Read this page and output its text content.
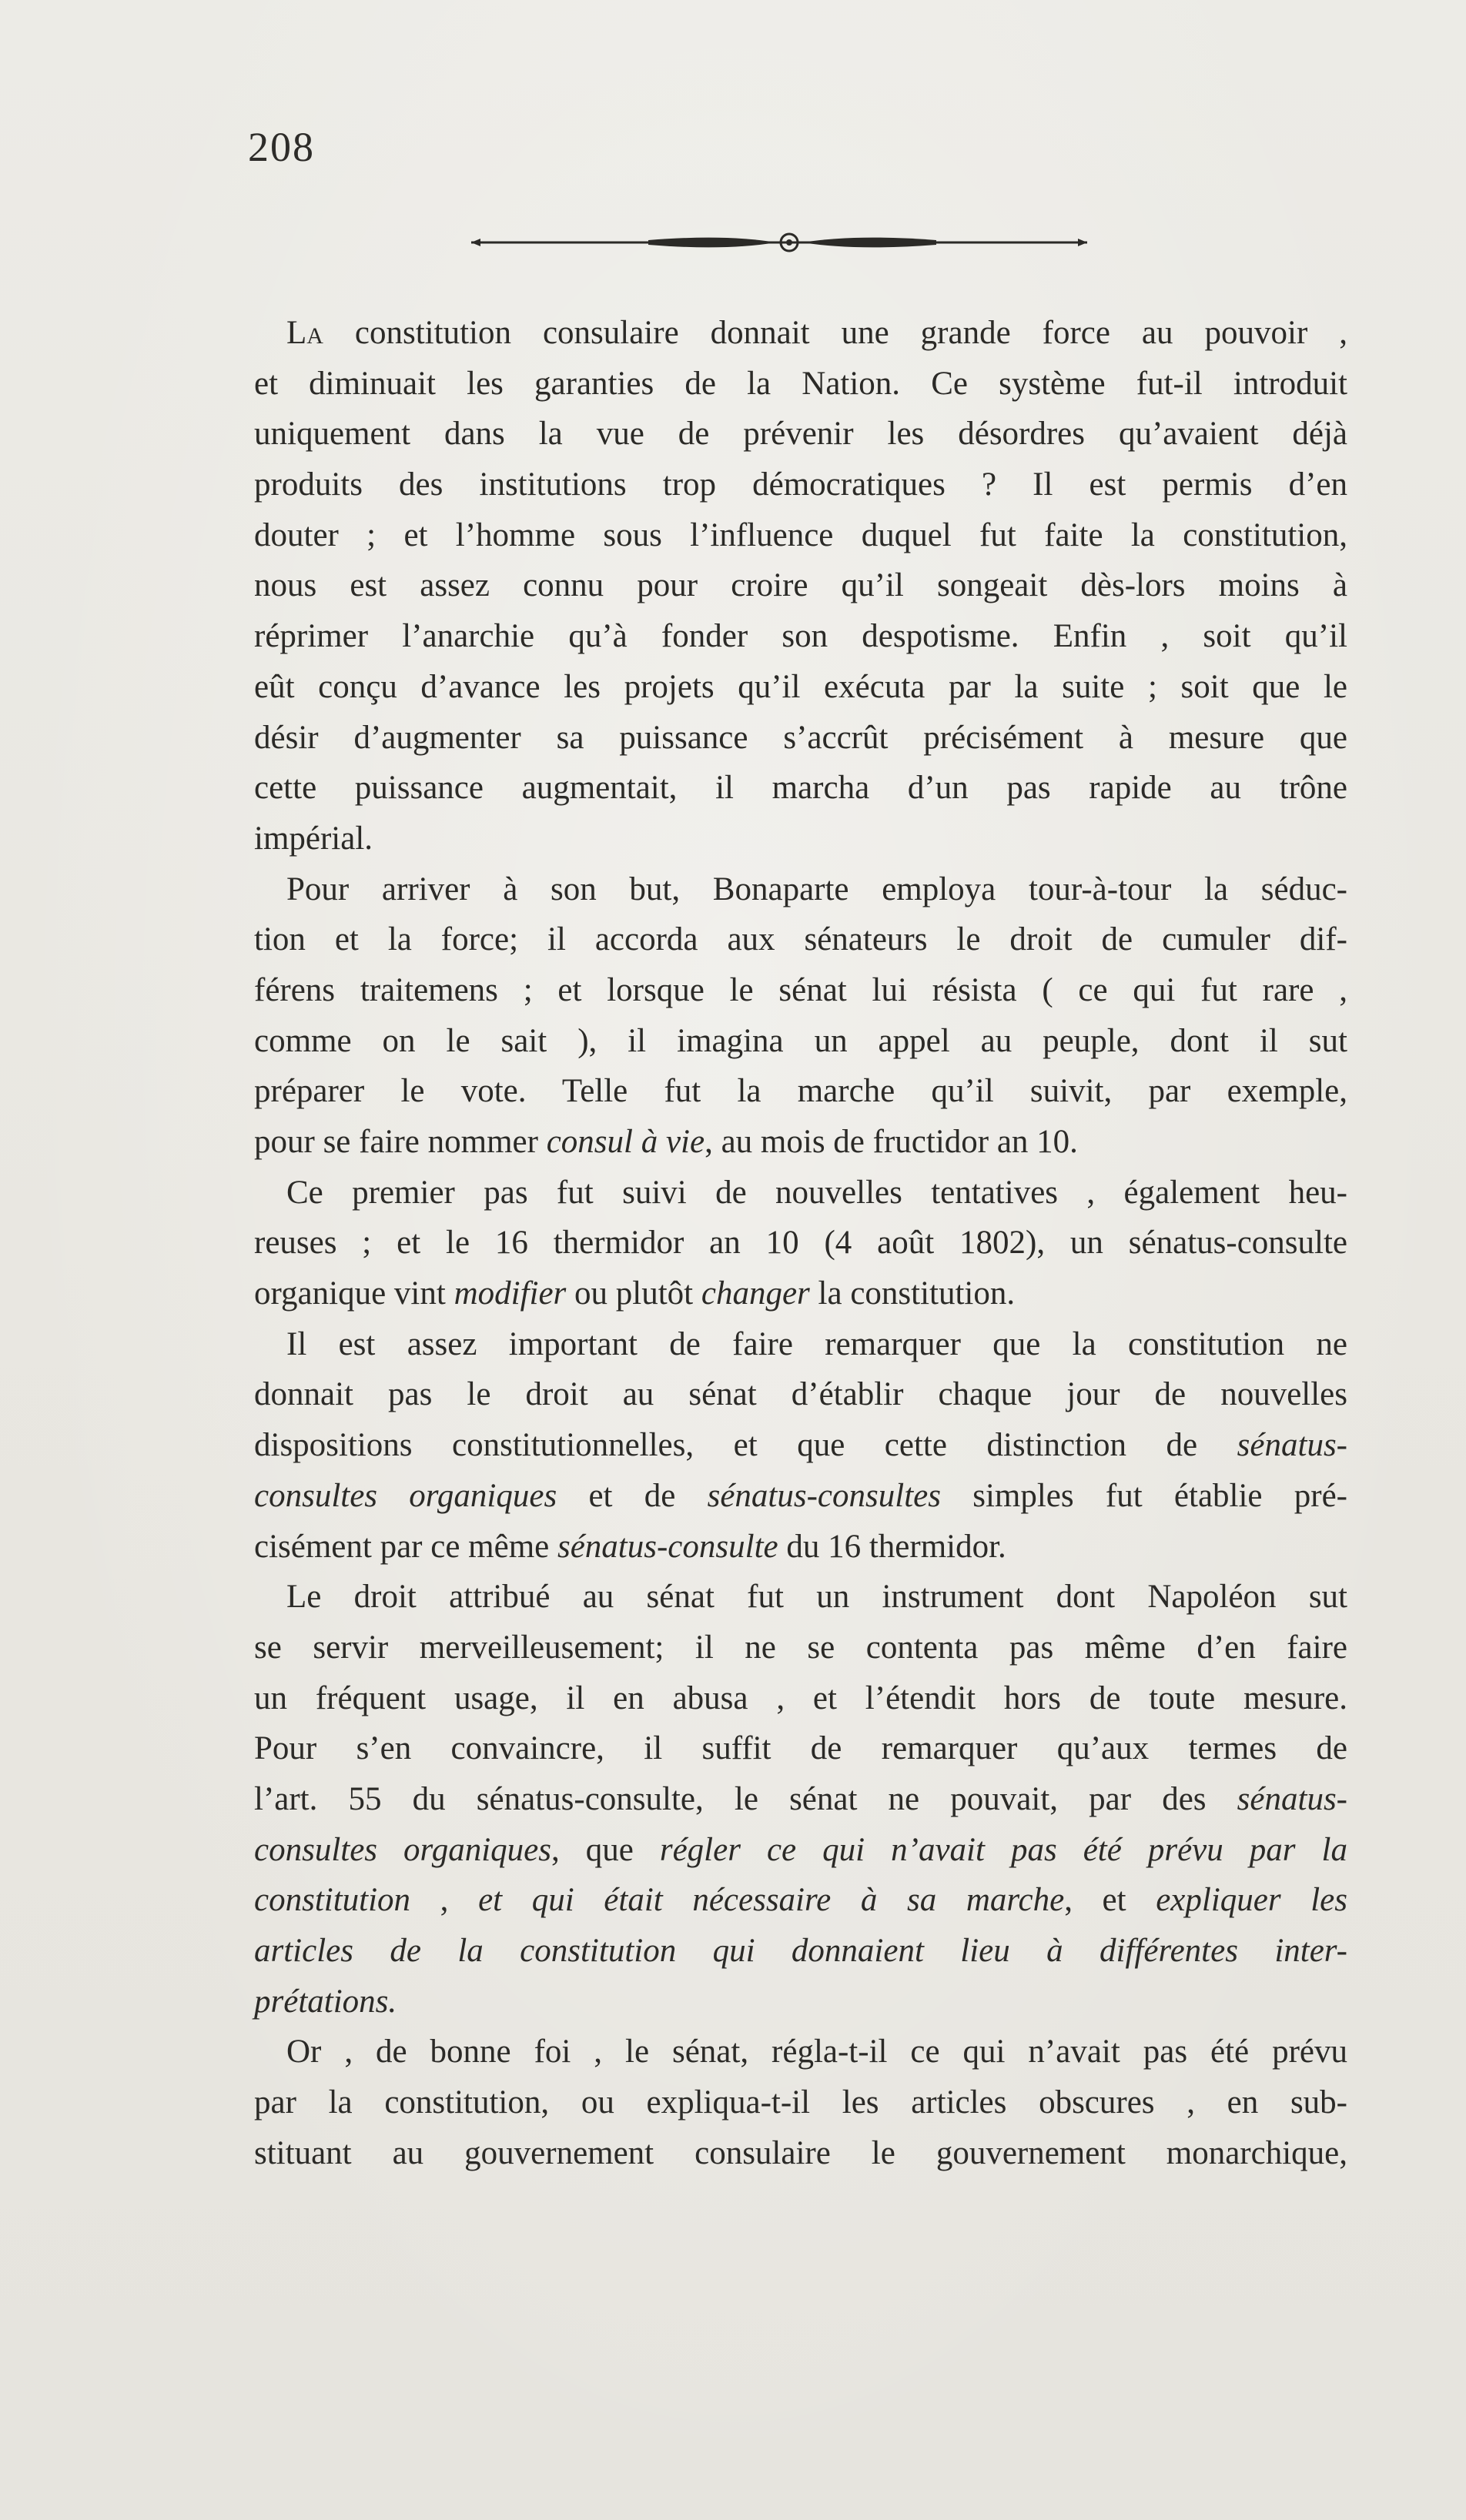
208
La constitution consulaire donnait une grande force au pouvoir ,
et diminuait les garanties de la Nation. Ce système fut-il introduit
uniquement dans la vue de prévenir les désordres qu’avaient déjà
produits des institutions trop démocratiques ? Il est permis d’en
douter ; et l’homme sous l’influence duquel fut faite la constitution,
nous est assez connu pour croire qu’il songeait dès-lors moins à
réprimer l’anarchie qu’à fonder son despotisme. Enfin , soit qu’il
eût conçu d’avance les projets qu’il exécuta par la suite ; soit que le
désir d’augmenter sa puissance s’accrût précisément à mesure que
cette puissance augmentait, il marcha d’un pas rapide au trône
impérial.
Pour arriver à son but, Bonaparte employa tour-à-tour la séduc-
tion et la force; il accorda aux sénateurs le droit de cumuler dif-
férens traitemens ; et lorsque le sénat lui résista ( ce qui fut rare ,
comme on le sait ), il imagina un appel au peuple, dont il sut
préparer le vote. Telle fut la marche qu’il suivit, par exemple,
pour se faire nommer consul à vie, au mois de fructidor an 10.
Ce premier pas fut suivi de nouvelles tentatives , également heu-
reuses ; et le 16 thermidor an 10 (4 août 1802), un sénatus-consulte
organique vint modifier ou plutôt changer la constitution.
Il est assez important de faire remarquer que la constitution ne
donnait pas le droit au sénat d’établir chaque jour de nouvelles
dispositions constitutionnelles, et que cette distinction de sénatus-
consultes organiques et de sénatus-consultes simples fut établie pré-
cisément par ce même sénatus-consulte du 16 thermidor.
Le droit attribué au sénat fut un instrument dont Napoléon sut
se servir merveilleusement; il ne se contenta pas même d’en faire
un fréquent usage, il en abusa , et l’étendit hors de toute mesure.
Pour s’en convaincre, il suffit de remarquer qu’aux termes de
l’art. 55 du sénatus-consulte, le sénat ne pouvait, par des sénatus-
consultes organiques, que régler ce qui n’avait pas été prévu par la
constitution , et qui était nécessaire à sa marche, et expliquer les
articles de la constitution qui donnaient lieu à différentes inter-
prétations.
Or , de bonne foi , le sénat, régla-t-il ce qui n’avait pas été prévu
par la constitution, ou expliqua-t-il les articles obscures , en sub-
stituant au gouvernement consulaire le gouvernement monarchique,
